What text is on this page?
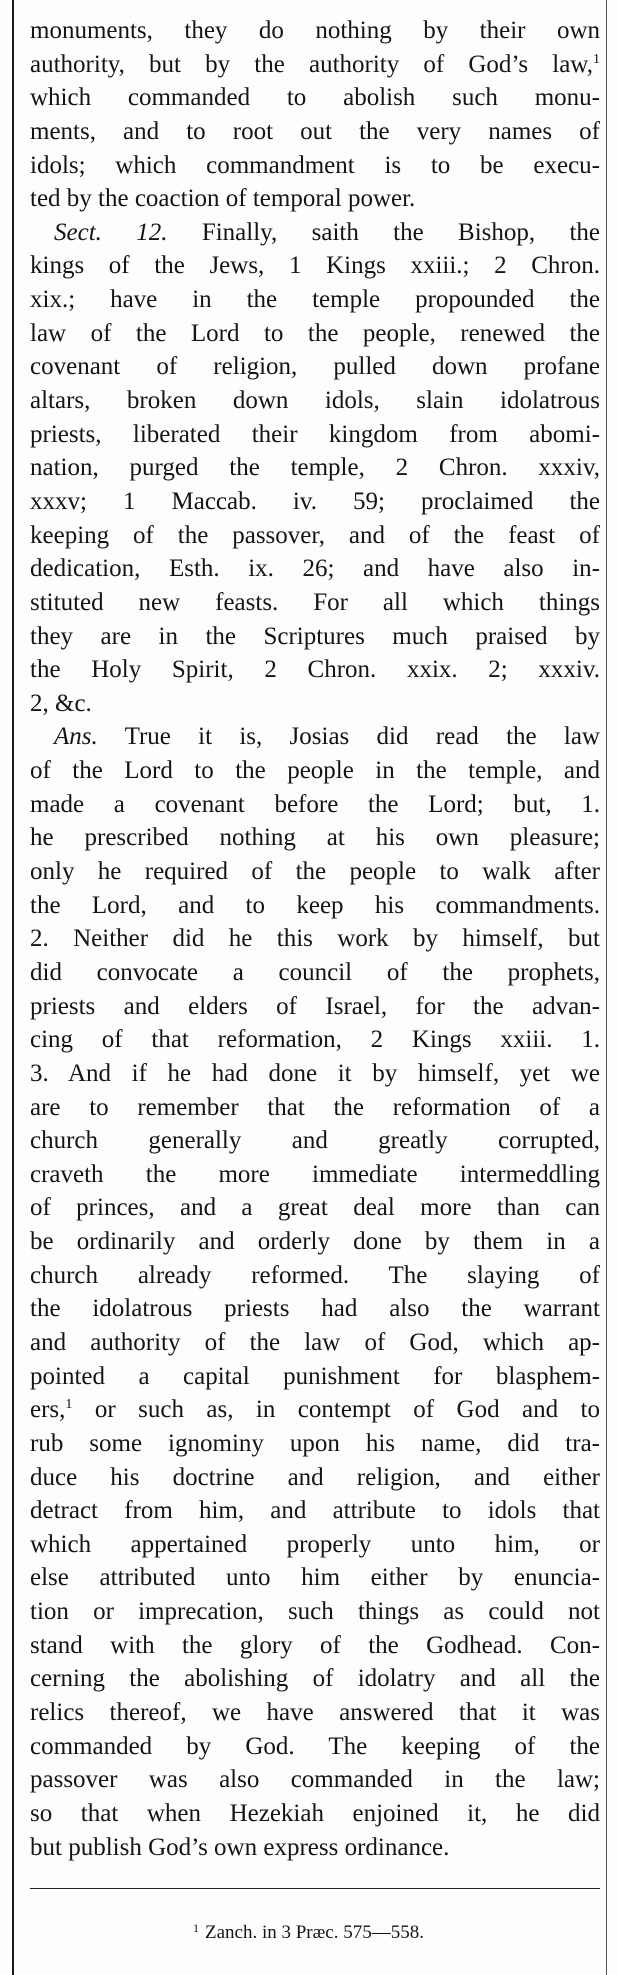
monuments, they do nothing by their own
authority, but by the authority of God’s law,$^1$
which commanded to abolish such monu-
ments, and to root out the very names of
idols; which commandment is to be execu-
ted by the coaction of temporal power.
Sect. 12. Finally, saith the Bishop, the
kings of the Jews, 1 Kings xxiii.; 2 Chron.
xix.; have in the temple propounded the
law of the Lord to the people, renewed the
covenant of religion, pulled down profane
altars, broken down idols, slain idolatrous
priests, liberated their kingdom from abomi-
nation, purged the temple, 2 Chron. xxxiv,
xxxv; 1 Maccab. iv. 59; proclaimed the
keeping of the passover, and of the feast of
dedication, Esth. ix. 26; and have also in-
stituted new feasts. For all which things
they are in the Scriptures much praised by
the Holy Spirit, 2 Chron. xxix. 2; xxxiv.
2, &c.
Ans. True it is, Josias did read the law
of the Lord to the people in the temple, and
made a covenant before the Lord; but, 1.
he prescribed nothing at his own pleasure;
only he required of the people to walk after
the Lord, and to keep his commandments.
2. Neither did he this work by himself, but
did convocate a council of the prophets,
priests and elders of Israel, for the advan-
cing of that reformation, 2 Kings xxiii. 1.
3. And if he had done it by himself, yet we
are to remember that the reformation of a
church generally and greatly corrupted,
craveth the more immediate intermeddling
of princes, and a great deal more than can
be ordinarily and orderly done by them in a
church already reformed. The slaying of
the idolatrous priests had also the warrant
and authority of the law of God, which ap-
pointed a capital punishment for blasphem-
ers,$^1$ or such as, in contempt of God and to
rub some ignominy upon his name, did tra-
duce his doctrine and religion, and either
detract from him, and attribute to idols that
which appertained properly unto him, or
else attributed unto him either by enuncia-
tion or imprecation, such things as could not
stand with the glory of the Godhead. Con-
cerning the abolishing of idolatry and all the
relics thereof, we have answered that it was
commanded by God. The keeping of the
passover was also commanded in the law;
so that when Hezekiah enjoined it, he did
but publish God’s own express ordinance.
$^1$ Zanch. in 3 Præc. 575—558.
